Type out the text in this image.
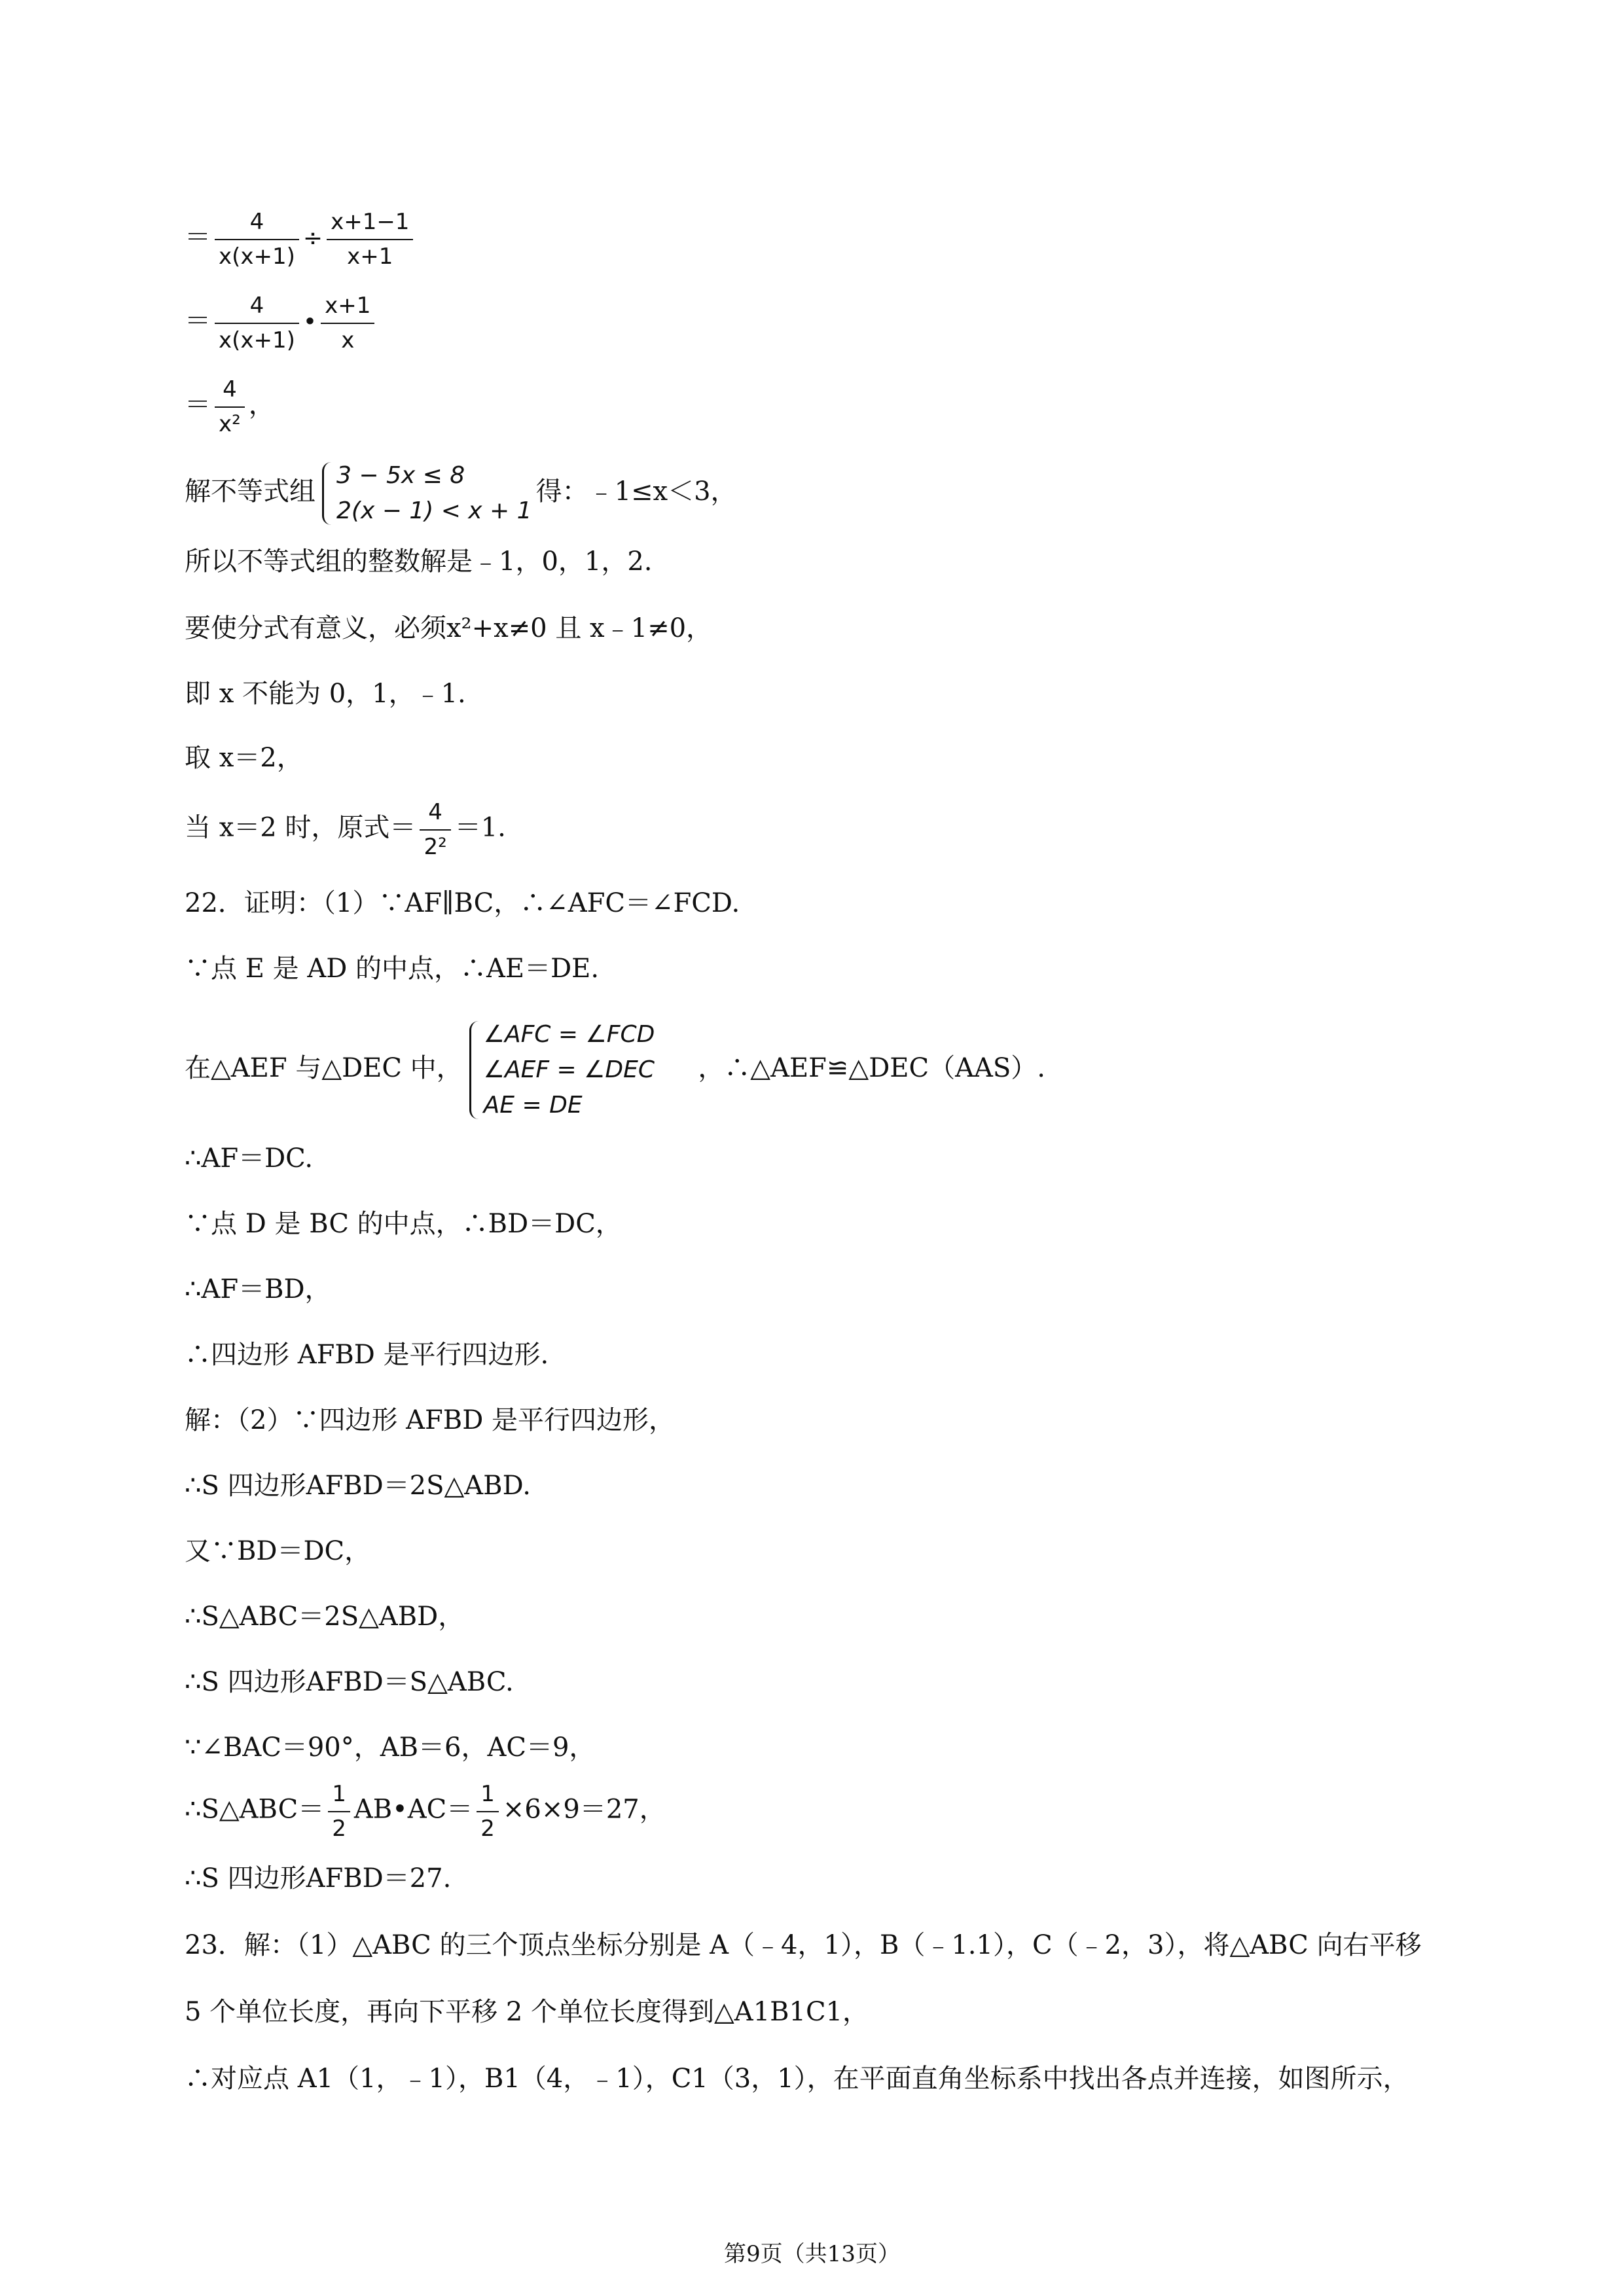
＝ $\frac{4}{x(x+1)} \div \frac{x+1-1}{x+1}$
＝ $\frac{4}{x(x+1)}$ • $\frac{x+1}{x}$
＝ $\frac{4}{\text{x²}}$ ，
解不等式组
3 − 5x ≤ 8
2(x − 1) < x + 1
得：﹣1≤x＜3，
所以不等式组的整数解是﹣1，0，1，2.
要使分式有意义，必须x²+x≠0 且 x﹣1≠0，
即 x 不能为 0，1，﹣1.
取 x＝2，
当 x＝2 时，原式＝ $\frac{4}{\text{2²}} =1$.
22．证明：（1）∵AF∥BC，∴∠AFC＝∠FCD.
∵点 E 是 AD 的中点，∴AE＝DE.
在△AEF 与△DEC 中，
∠AFC = ∠FCD
∠AEF = ∠DEC
AE = DE
，∴△AEF≌△DEC（AAS）.
∴AF＝DC.
∵点 D 是 BC 的中点，∴BD＝DC，
∴AF＝BD，
∴四边形 AFBD 是平行四边形.
解：（2）∵四边形 AFBD 是平行四边形，
∴S 四边形AFBD＝2S△ABD.
又∵BD＝DC，
∴S△ABC＝2S△ABD，
∴S 四边形AFBD＝S△ABC.
∵∠BAC＝90°，AB＝6，AC＝9，
∴S△ABC＝ $\frac{1}{2}$ AB•AC＝ $\frac{1}{2} \times 6\times 9=27$，
∴S 四边形AFBD＝27.
23．解：（1）△ABC 的三个顶点坐标分别是 A（﹣4，1），B（﹣1.1），C（﹣2，3），将△ABC 向右平移
5 个单位长度，再向下平移 2 个单位长度得到△A1B1C1，
∴对应点 A1（1，﹣1），B1（4，﹣1），C1（3，1），在平面直角坐标系中找出各点并连接，如图所示，
第9页（共13页）
